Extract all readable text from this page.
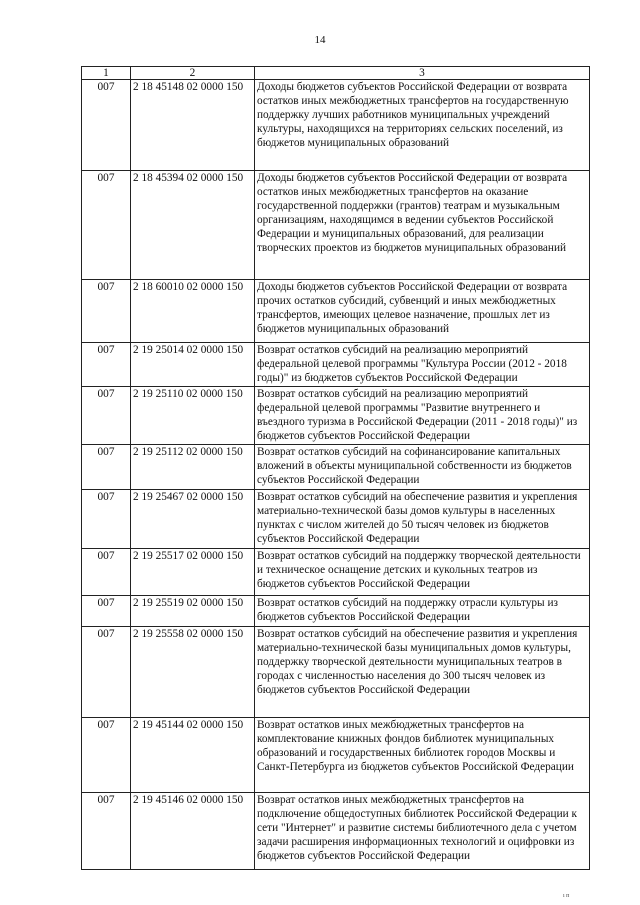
14
1	2	3
007	2 18 45148 02 0000 150	Доходы бюджетов субъектов Российской Федерации от возврата остатков иных межбюджетных трансфертов на государственную поддержку лучших работников муниципальных учреждений культуры, находящихся на территориях сельских поселений, из бюджетов муниципальных образований
007	2 18 45394 02 0000 150	Доходы бюджетов субъектов Российской Федерации от возврата остатков иных межбюджетных трансфертов на оказание государственной поддержки (грантов) театрам и музыкальным организациям, находящимся в ведении субъектов Российской Федерации и муниципальных образований, для реализации творческих проектов из бюджетов муниципальных образований
007	2 18 60010 02 0000 150	Доходы бюджетов субъектов Российской Федерации от возврата прочих остатков субсидий, субвенций и иных межбюджетных трансфертов, имеющих целевое назначение, прошлых лет из бюджетов муниципальных образований
007	2 19 25014 02 0000 150	Возврат остатков субсидий на реализацию мероприятий федеральной целевой программы "Культура России (2012 - 2018 годы)" из бюджетов субъектов Российской Федерации
007	2 19 25110 02 0000 150	Возврат остатков субсидий на реализацию мероприятий федеральной целевой программы "Развитие внутреннего и въездного туризма в Российской Федерации (2011 - 2018 годы)" из бюджетов субъектов Российской Федерации
007	2 19 25112 02 0000 150	Возврат остатков субсидий на софинансирование капитальных вложений в объекты муниципальной собственности из бюджетов субъектов Российской Федерации
007	2 19 25467 02 0000 150	Возврат остатков субсидий на обеспечение развития и укрепления материально-технической базы домов культуры в населенных пунктах с числом жителей до 50 тысяч человек из бюджетов субъектов Российской Федерации
007	2 19 25517 02 0000 150	Возврат остатков субсидий на поддержку творческой деятельности и техническое оснащение детских и кукольных театров из бюджетов субъектов Российской Федерации
007	2 19 25519 02 0000 150	Возврат остатков субсидий на поддержку отрасли культуры из бюджетов субъектов Российской Федерации
007	2 19 25558 02 0000 150	Возврат остатков субсидий на обеспечение развития и укрепления материально-технической базы муниципальных домов культуры, поддержку творческой деятельности муниципальных театров в городах с численностью населения до 300 тысяч человек из бюджетов субъектов Российской Федерации
007	2 19 45144 02 0000 150	Возврат остатков иных межбюджетных трансфертов на комплектование книжных фондов библиотек муниципальных образований и государственных библиотек городов Москвы и Санкт-Петербурга из бюджетов субъектов Российской Федерации
007	2 19 45146 02 0000 150	Возврат остатков иных межбюджетных трансфертов на подключение общедоступных библиотек Российской Федерации к сети "Интернет" и развитие системы библиотечного дела с учетом задачи расширения информационных технологий и оцифровки из бюджетов субъектов Российской Федерации
ı п
